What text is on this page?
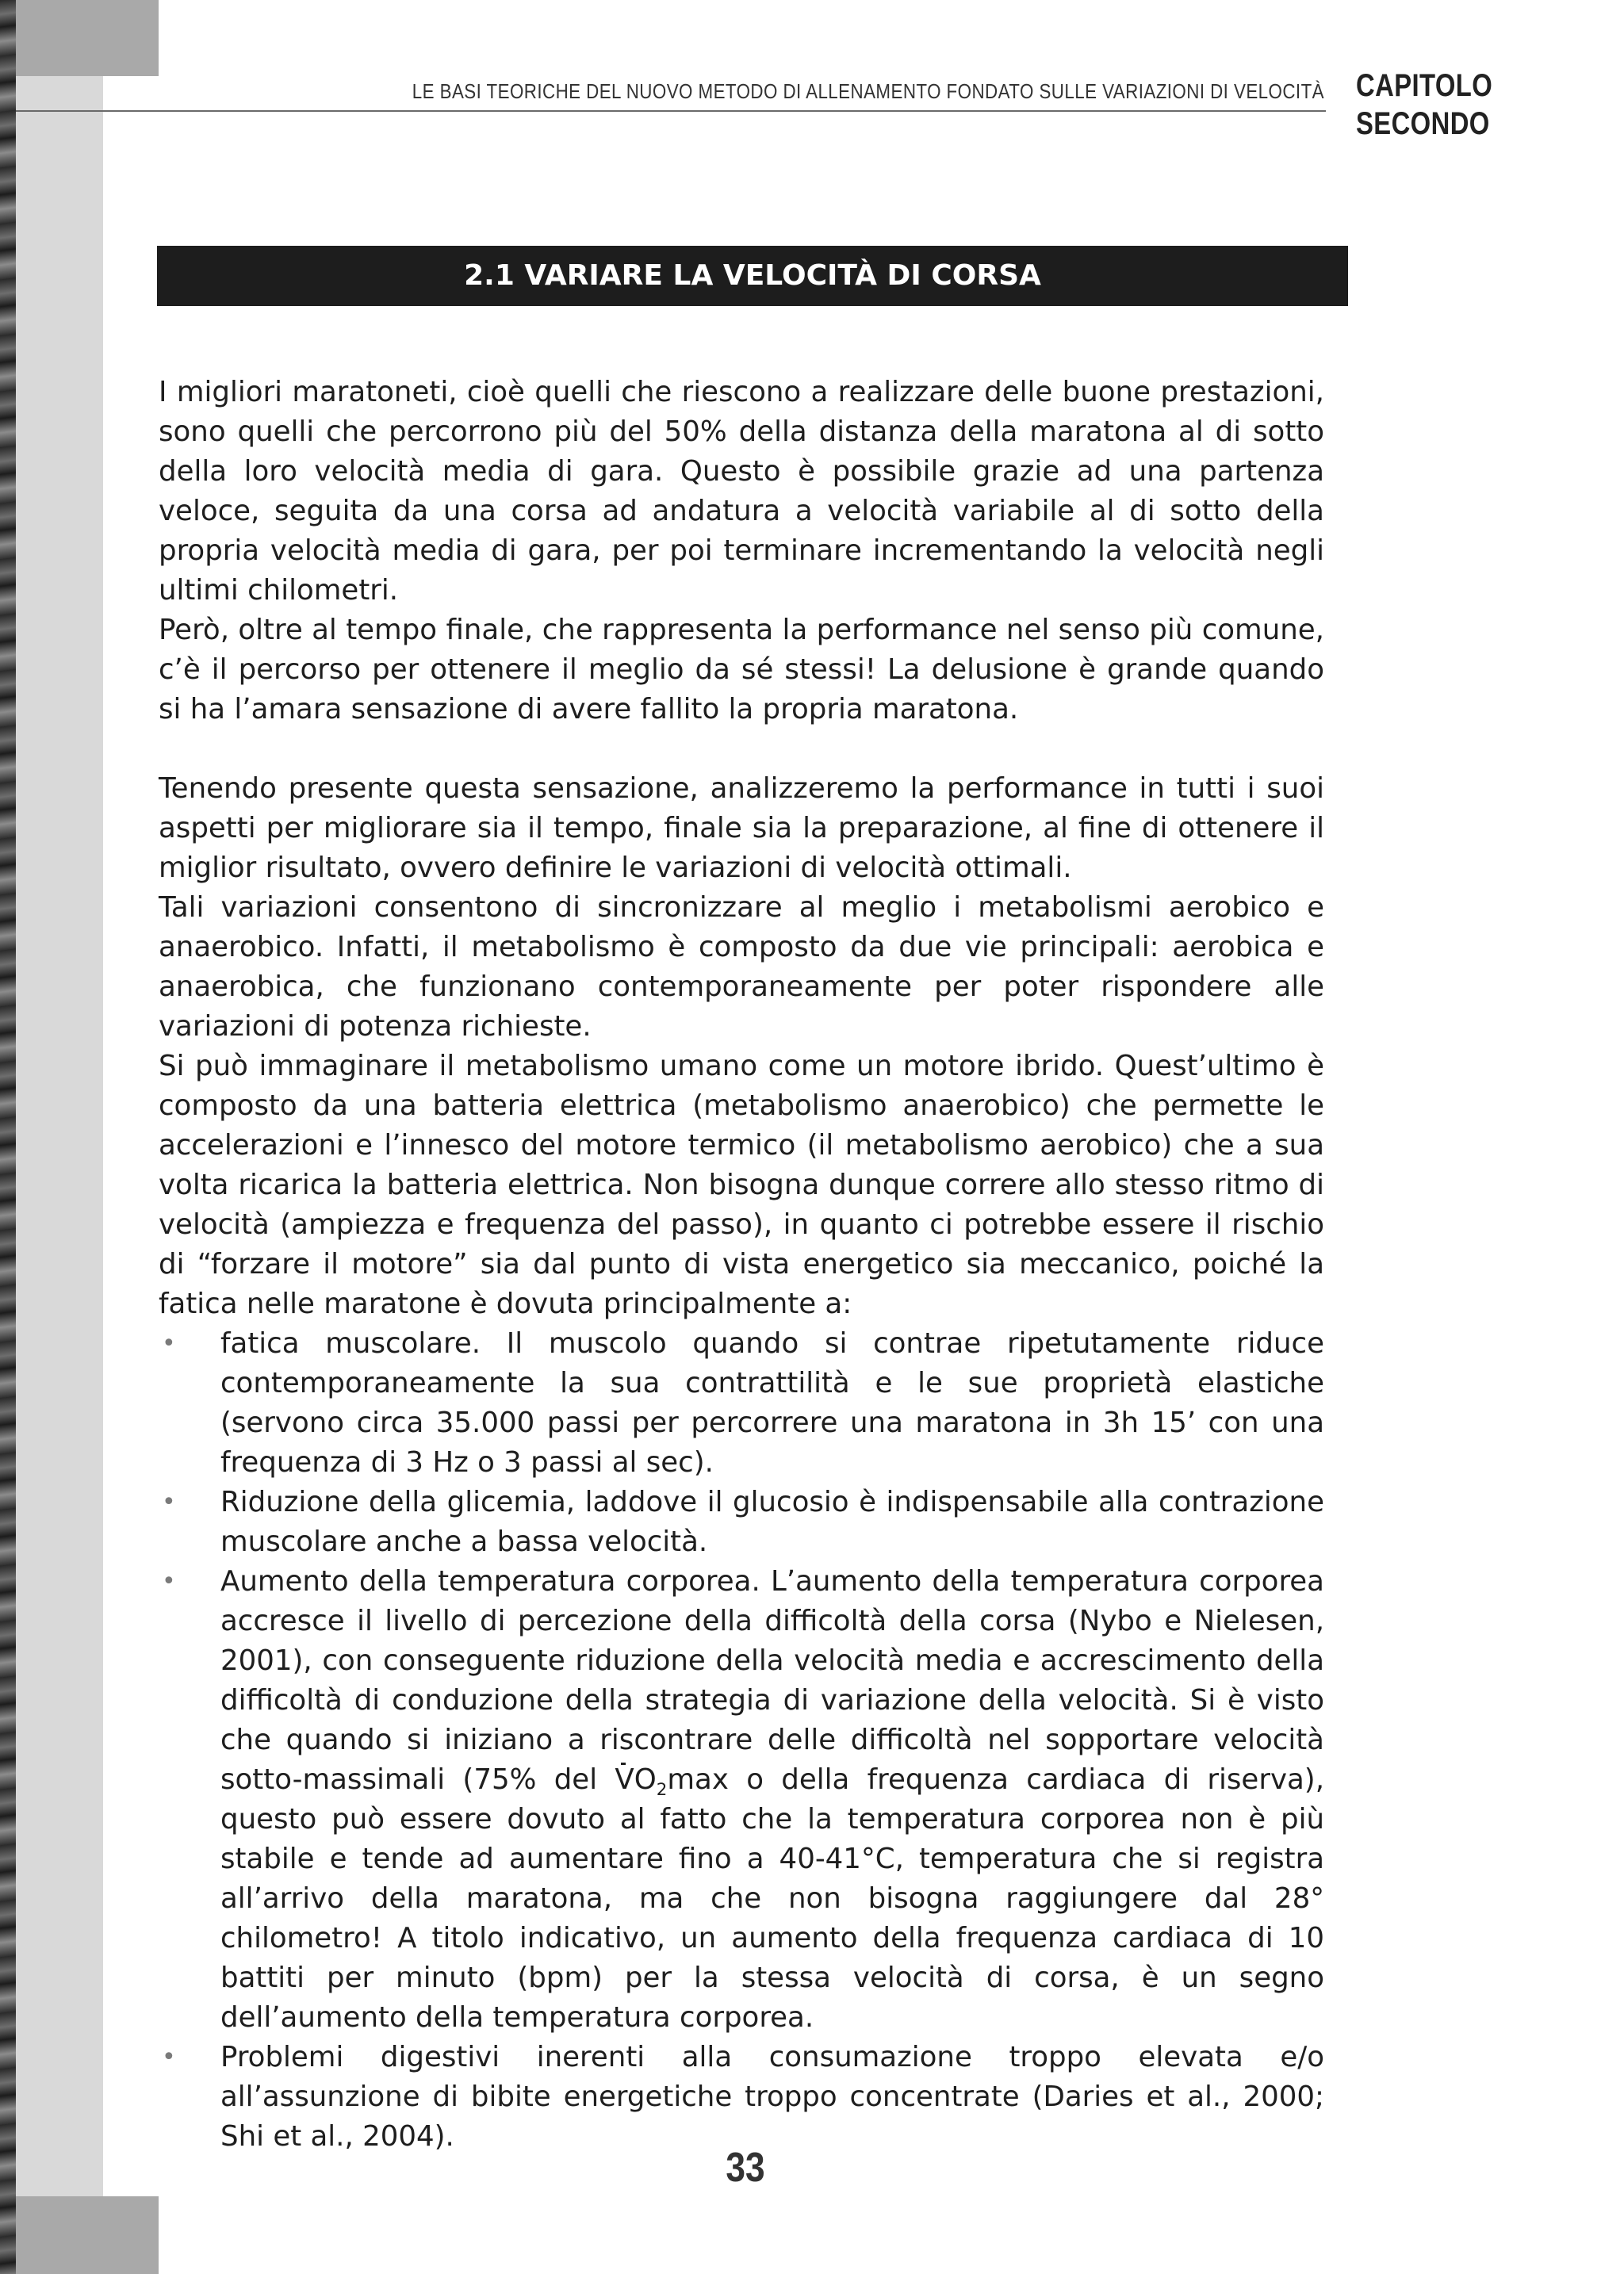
LE BASI TEORICHE DEL NUOVO METODO DI ALLENAMENTO FONDATO SULLE VARIAZIONI DI VELOCITÀ CAPITOLO
SECONDO
2.1 VARIARE LA VELOCITÀ DI CORSA

I migliori maratoneti, cioè quelli che riescono a realizzare delle buone prestazioni, sono quelli che percorrono più del 50% della distanza della maratona al di sotto della loro velocità media di gara. Questo è possibile grazie ad una partenza veloce, seguita da una corsa ad andatura a velocità variabile al di sotto della propria velocità media di gara, per poi terminare incrementando la velocità negli ultimi chilometri.

Però, oltre al tempo finale, che rappresenta la performance nel senso più comune, c’è il percorso per ottenere il meglio da sé stessi! La delusione è grande quando si ha l’amara sensazione di avere fallito la propria maratona.

Tenendo presente questa sensazione, analizzeremo la performance in tutti i suoi aspetti per migliorare sia il tempo, finale sia la preparazione, al fine di ottenere il miglior risultato, ovvero definire le variazioni di velocità ottimali.

Tali variazioni consentono di sincronizzare al meglio i metabolismi aerobico e anaerobico. Infatti, il metabolismo è composto da due vie principali: aerobica e anaerobica, che funzionano contemporaneamente per poter rispondere alle variazioni di potenza richieste.

Si può immaginare il metabolismo umano come un motore ibrido. Quest’ultimo è composto da una batteria elettrica (metabolismo anaerobico) che permette le accelerazioni e l’innesco del motore termico (il metabolismo aerobico) che a sua volta ricarica la batteria elettrica. Non bisogna dunque correre allo stesso ritmo di velocità (ampiezza e frequenza del passo), in quanto ci potrebbe essere il rischio di “forzare il motore” sia dal punto di vista energetico sia meccanico, poiché la fatica nelle maratone è dovuta principalmente a:

• fatica muscolare. Il muscolo quando si contrae ripetutamente riduce contemporaneamente la sua contrattilità e le sue proprietà elastiche (servono circa 35.000 passi per percorrere una maratona in 3h 15’ con una frequenza di 3 Hz o 3 passi al sec).
• Riduzione della glicemia, laddove il glucosio è indispensabile alla contrazione muscolare anche a bassa velocità.
• Aumento della temperatura corporea. L’aumento della temperatura corporea accresce il livello di percezione della difficoltà della corsa (Nybo e Nielesen, 2001), con conseguente riduzione della velocità media e accrescimento della difficoltà di conduzione della strategia di variazione della velocità. Si è visto che quando si iniziano a riscontrare delle difficoltà nel sopportare velocità sotto-massimali (75% del $VO_2\max$ o della frequenza cardiaca di riserva), questo può essere dovuto al fatto che la temperatura corporea non è più stabile e tende ad aumentare fino a 40-41°C, temperatura che si registra all’arrivo della maratona, ma che non bisogna raggiungere dal 28° chilometro! A titolo indicativo, un aumento della frequenza cardiaca di 10 battiti per minuto (bpm) per la stessa velocità di corsa, è un segno dell’aumento della temperatura corporea.
• Problemi digestivi inerenti alla consumazione troppo elevata e/o all’assunzione di bibite energetiche troppo concentrate (Daries et al., 2000; Shi et al., 2004).
33
